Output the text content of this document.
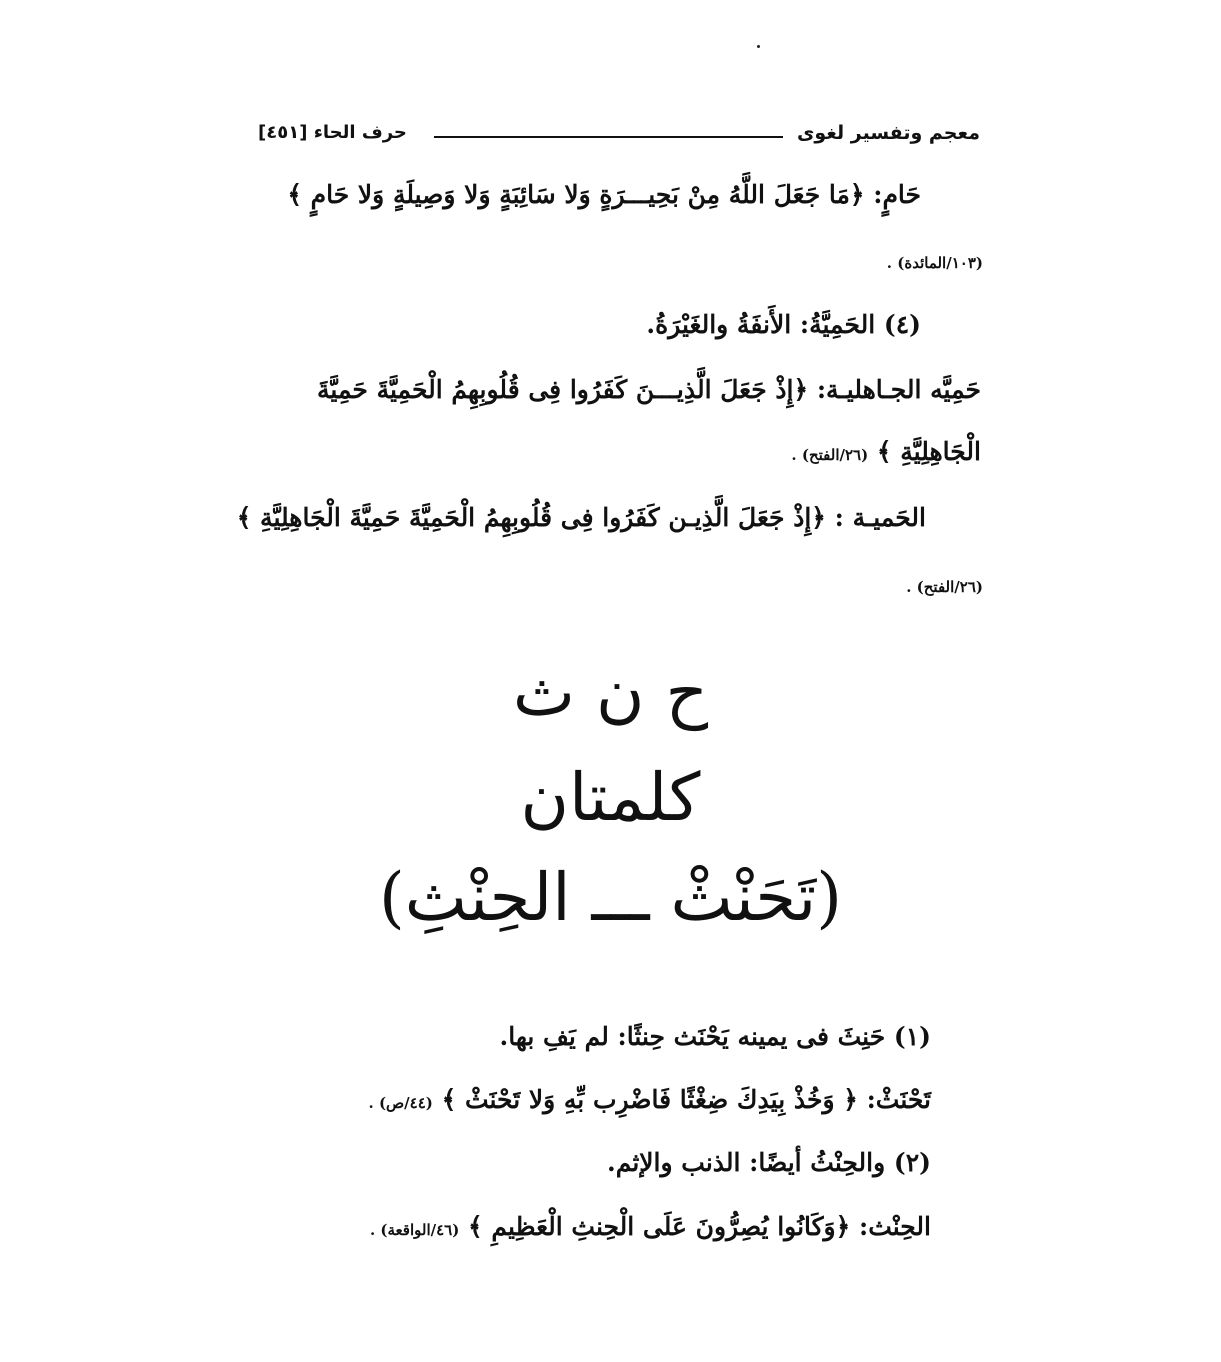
حرف الحاء [٤٥١]	معجم وتفسير لغوى
حَامٍ: ﴿مَا جَعَلَ اللَّهُ مِنْ بَحِيـــرَةٍ وَلا سَائِبَةٍ وَلا وَصِيلَةٍ وَلا حَامٍ ﴾
(١٠٣/المائدة) .
(٤) الحَمِيَّةُ: الأَنفَةُ والغَيْرَةُ.
حَمِيَّه الجـاهليـة: ﴿إِذْ جَعَلَ الَّذِيـــنَ كَفَرُوا فِى قُلُوبِهِمُ الْحَمِيَّةَ حَمِيَّةَ
الْجَاهِلِيَّةِ ﴾ (٢٦/الفتح) .
الحَميـة : ﴿إِذْ جَعَلَ الَّذِيـن كَفَرُوا فِى قُلُوبِهِمُ الْحَمِيَّةَ حَمِيَّةَ الْجَاهِلِيَّةِ ﴾
(٢٦/الفتح) .
ح ن ث
كلمتان
(تَحَنْثْ ـــ الحِنْثِ)
(١) حَنِثَ فى يمينه يَحْنَث حِنثًا: لم يَفِ بها.
تَحْنَثْ: ﴿ وَخُذْ بِيَدِكَ ضِغْثًا فَاضْرِب بِّهِ وَلا تَحْنَثْ ﴾ (٤٤/ص) .
(٢) والحِنْثُ أيضًا: الذنب والإثم.
الحِنْث: ﴿وَكَانُوا يُصِرُّونَ عَلَى الْحِنثِ الْعَظِيمِ ﴾ (٤٦/الواقعة) .
